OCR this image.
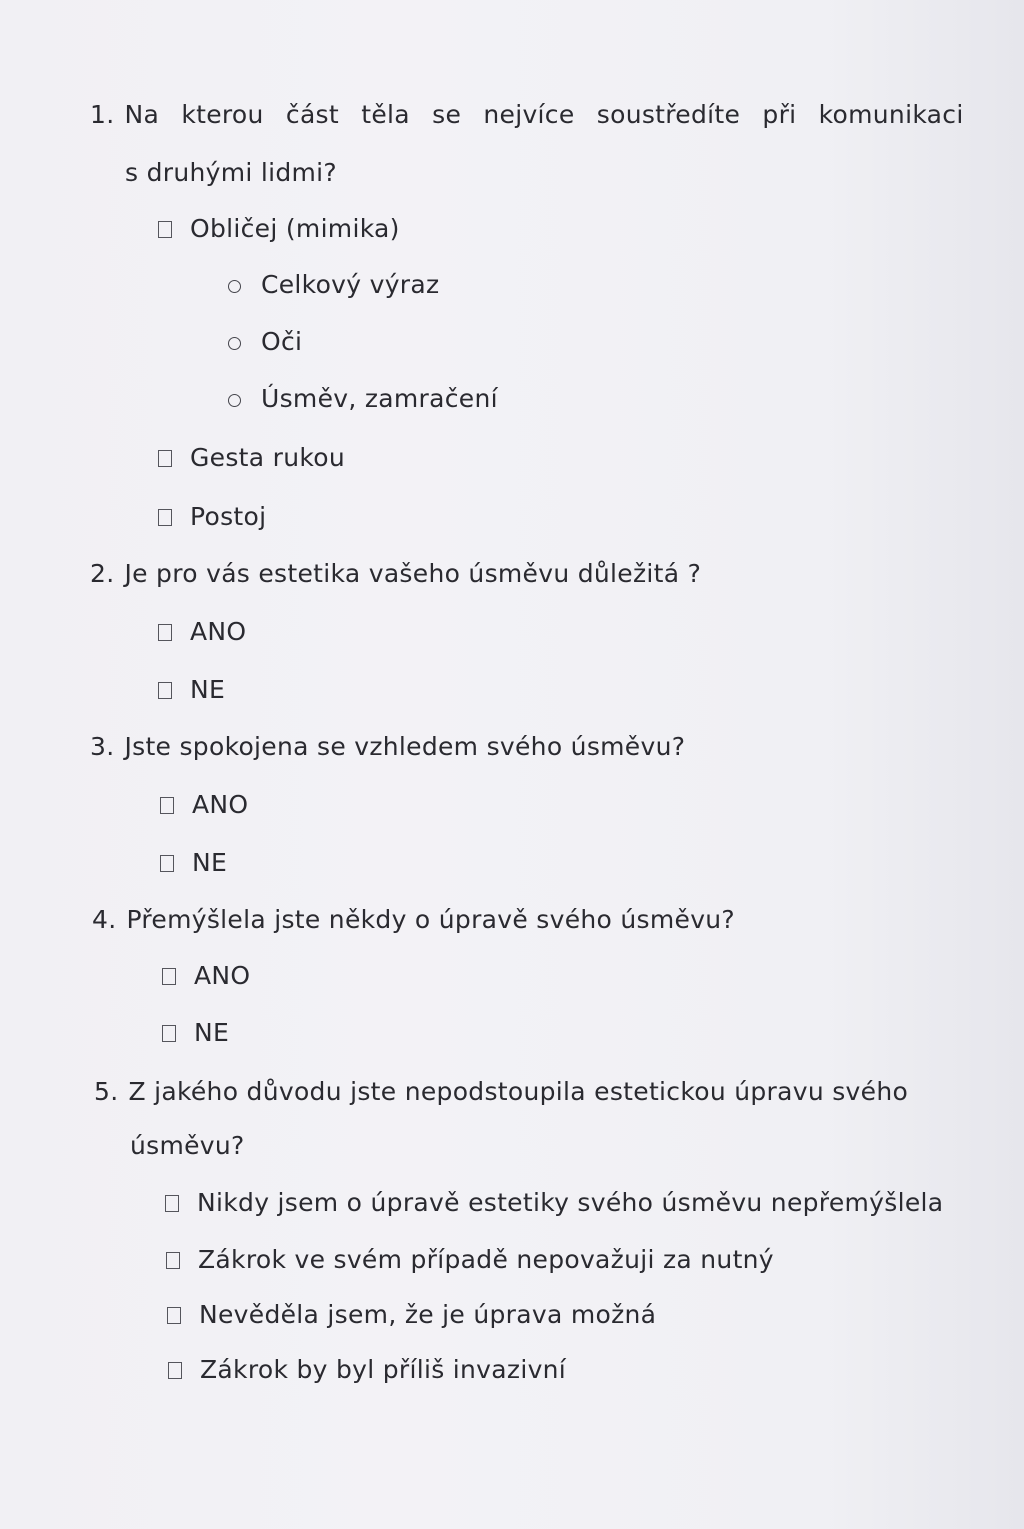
1. Na kterou část těla se nejvíce soustředíte při komunikaci
s druhými lidmi?
Obličej (mimika)
Celkový výraz
Oči
Úsměv, zamračení
Gesta rukou
Postoj
2. Je pro vás estetika vašeho úsměvu důležitá ?
ANO
NE
3. Jste spokojena se vzhledem svého úsměvu?
ANO
NE
4. Přemýšlela jste někdy o úpravě svého úsměvu?
ANO
NE
5. Z jakého důvodu jste nepodstoupila estetickou úpravu svého
úsměvu?
Nikdy jsem o úpravě estetiky svého úsměvu nepřemýšlela
Zákrok ve svém případě nepovažuji za nutný
Nevěděla jsem, že je úprava možná
Zákrok by byl příliš invazivní
